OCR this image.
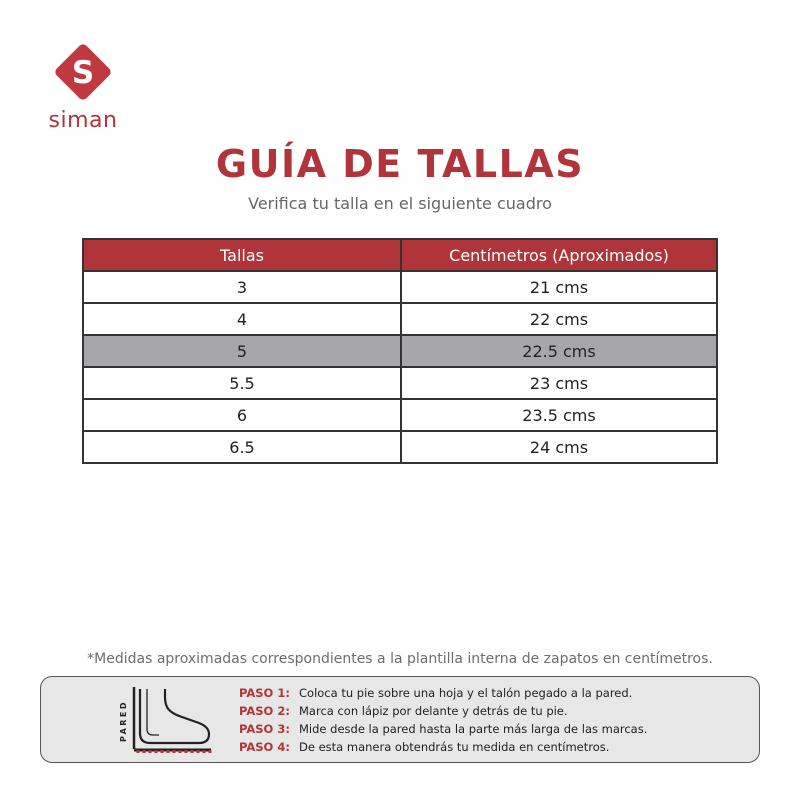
S
siman
GUÍA DE TALLAS
Verifica tu talla en el siguiente cuadro
Tallas	Centímetros (Aproximados)
3	21 cms
4	22 cms
5	22.5 cms
5.5	23 cms
6	23.5 cms
6.5	24 cms
*Medidas aproximadas correspondientes a la plantilla interna de zapatos en centímetros.
PARED
PASO 1: Coloca tu pie sobre una hoja y el talón pegado a la pared.
PASO 2: Marca con lápiz por delante y detrás de tu pie.
PASO 3: Mide desde la pared hasta la parte más larga de las marcas.
PASO 4: De esta manera obtendrás tu medida en centímetros.
